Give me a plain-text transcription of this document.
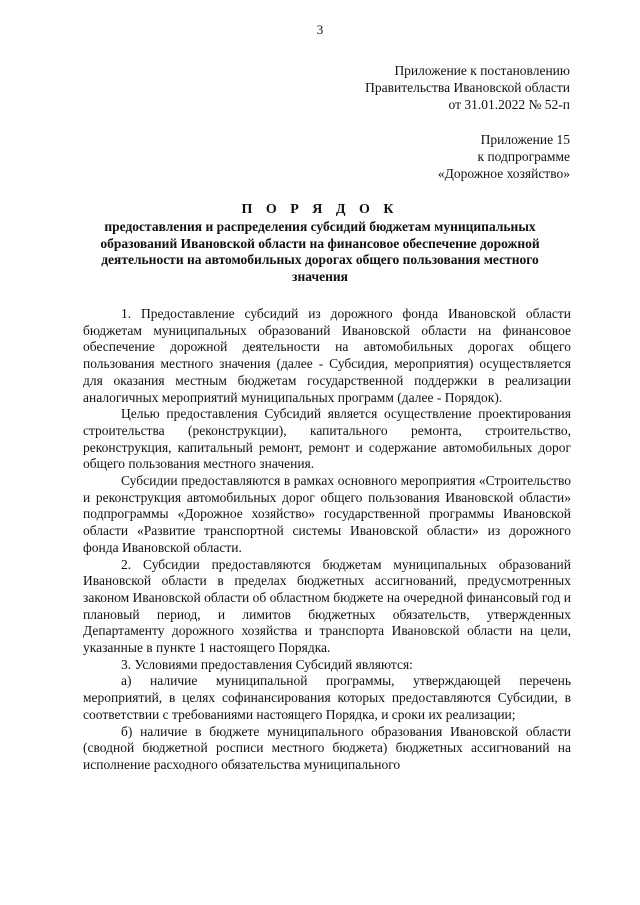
3
Приложение к постановлению
Правительства Ивановской области
от 31.01.2022 № 52-п
Приложение 15
к подпрограмме
«Дорожное хозяйство»
П О Р Я Д О К
предоставления и распределения субсидий бюджетам муниципальных образований Ивановской области на финансовое обеспечение дорожной деятельности на автомобильных дорогах общего пользования местного значения

1. Предоставление субсидий из дорожного фонда Ивановской области бюджетам муниципальных образований Ивановской области на финансовое обеспечение дорожной деятельности на автомобильных дорогах общего пользования местного значения (далее - Субсидия, мероприятия) осуществляется для оказания местным бюджетам государственной поддержки в реализации аналогичных мероприятий муниципальных программ (далее - Порядок).

Целью предоставления Субсидий является осуществление проектирования строительства (реконструкции), капитального ремонта, строительство, реконструкция, капитальный ремонт, ремонт и содержание автомобильных дорог общего пользования местного значения.

Субсидии предоставляются в рамках основного мероприятия «Строительство и реконструкция автомобильных дорог общего пользования Ивановской области» подпрограммы «Дорожное хозяйство» государственной программы Ивановской области «Развитие транспортной системы Ивановской области» из дорожного фонда Ивановской области.

2. Субсидии предоставляются бюджетам муниципальных образований Ивановской области в пределах бюджетных ассигнований, предусмотренных законом Ивановской области об областном бюджете на очередной финансовый год и плановый период, и лимитов бюджетных обязательств, утвержденных Департаменту дорожного хозяйства и транспорта Ивановской области на цели, указанные в пункте 1 настоящего Порядка.

3. Условиями предоставления Субсидий являются:

а) наличие муниципальной программы, утверждающей перечень мероприятий, в целях софинансирования которых предоставляются Субсидии, в соответствии с требованиями настоящего Порядка, и сроки их реализации;

б) наличие в бюджете муниципального образования Ивановской области (сводной бюджетной росписи местного бюджета) бюджетных ассигнований на исполнение расходного обязательства муниципального
